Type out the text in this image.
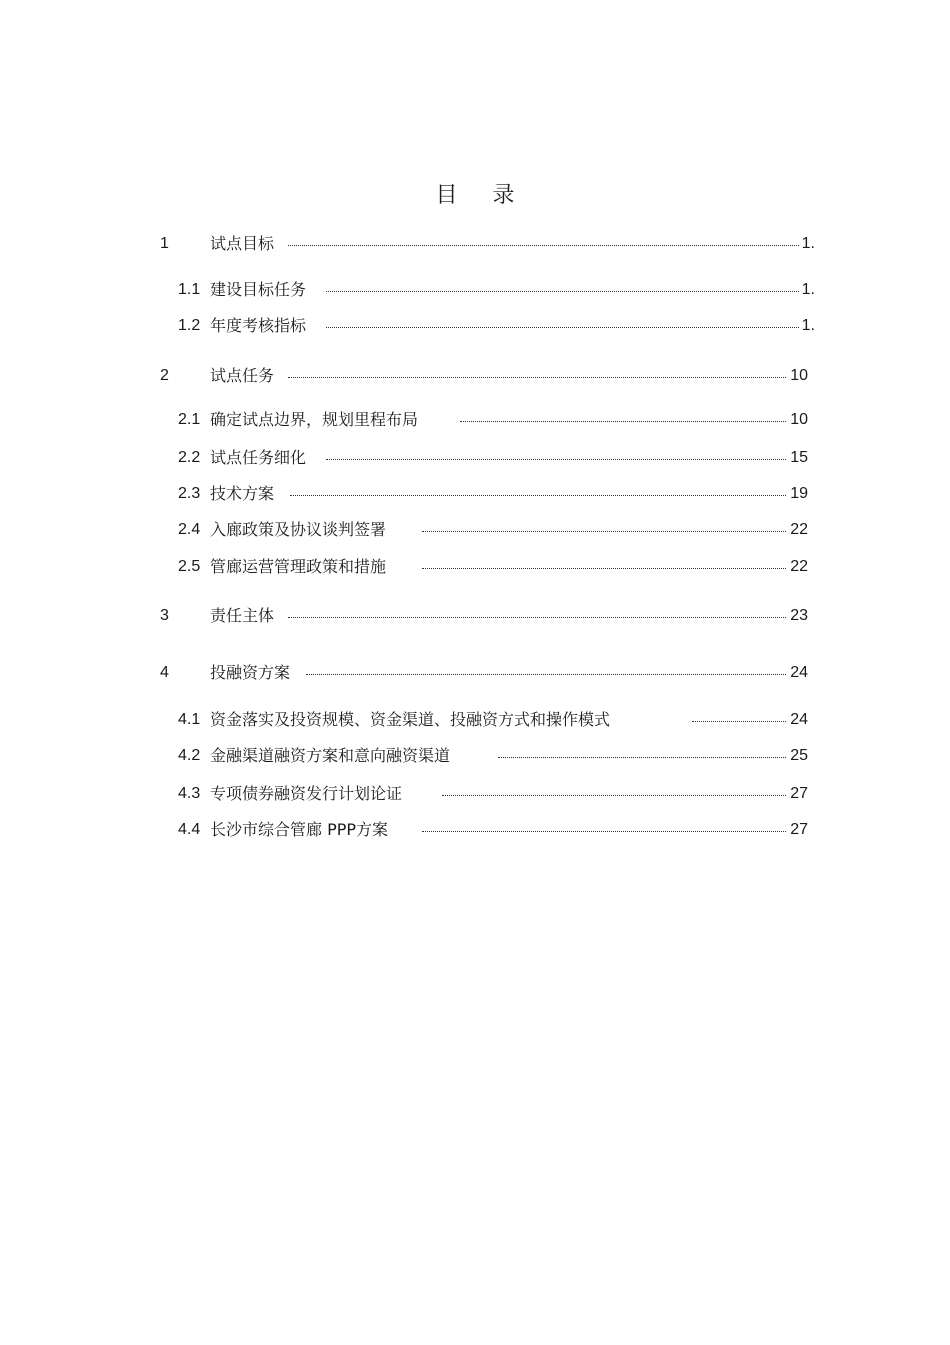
目 录
1	试点目标	1.
1.1 建设目标任务	1.
1.2 年度考核指标	1.
2	试点任务	10
2.1 确定试点边界，规划里程布局	10
2.2 试点任务细化	15
2.3 技术方案	19
2.4 入廊政策及协议谈判签署	22
2.5 管廊运营管理政策和措施	22
3	责任主体	23
4	投融资方案	24
4.1 资金落实及投资规模、资金渠道、投融资方式和操作模式	24
4.2 金融渠道融资方案和意向融资渠道	25
4.3 专项债券融资发行计划论证	27
4.4 长沙市综合管廊 PPP方案	27
